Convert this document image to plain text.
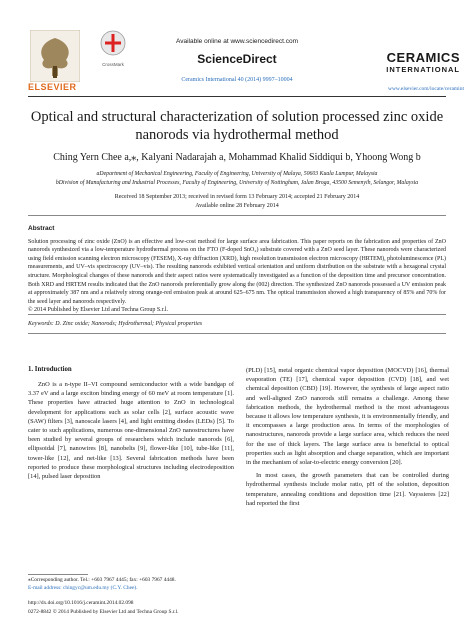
ELSEVIER
CrossMark
Available online at www.sciencedirect.com
ScienceDirect
Ceramics International 40 (2014) 9997–10004
CERAMICS
INTERNATIONAL
www.elsevier.com/locate/ceramint
Optical and structural characterization of solution processed zinc oxide
nanorods via hydrothermal method
Ching Yern Chee a,⁎, Kalyani Nadarajah a, Mohammad Khalid Siddiqui b, Yhoong Wong b
aDepartment of Mechanical Engineering, Faculty of Engineering, University of Malaya, 50603 Kuala Lumpur, Malaysia
bDivision of Manufacturing and Industrial Processes, Faculty of Engineering, University of Nottingham, Jalan Broga, 43500 Semenyih, Selangor, Malaysia
Received 18 September 2013; received in revised form 13 February 2014; accepted 21 February 2014
Available online 28 February 2014
Abstract
Solution processing of zinc oxide (ZnO) is an effective and low-cost method for large surface area fabrication. This paper reports on the fabrication and properties of ZnO nanorods synthesized via a low-temperature hydrothermal process on the FTO (F-doped SnO₂) substrate covered with a ZnO seed layer. These nanorods were characterized using field emission scanning electron microscopy (FESEM), X-ray diffraction (XRD), high resolution transmission electron microscopy (HRTEM), photoluminescence (PL) measurements, and UV–vis spectroscopy (UV–vis). The resulting nanorods exhibited vertical orientation and uniform distribution on the substrate with a hexagonal crystal structure. Morphological changes of these nanorods and their aspect ratios were systematically investigated as a function of the deposition time and precursor concentration. Both XRD and HRTEM results indicated that the ZnO nanorods preferentially grow along the (002) direction. The synthesized ZnO nanorods possessed a UV emission peak at approximately 387 nm and a relatively strong orange-red emission peak at around 625–675 nm. The optical transmission showed a high transparency of 85% and 70% for the seed layer and nanorods respectively.
© 2014 Published by Elsevier Ltd and Techna Group S.r.l.
Keywords: D. Zinc oxide; Nanorods; Hydrothermal; Physical properties
1. Introduction

ZnO is a n-type II–VI compound semiconductor with a wide bandgap of 3.37 eV and a large exciton binding energy of 60 meV at room temperature [1]. These properties have attracted huge attention to ZnO in technological development for applications such as solar cells [2], surface acoustic wave (SAW) filters [3], nanoscale lasers [4], and light emitting diodes (LEDs) [5]. To cater to such applications, numerous one-dimensional ZnO nanostructures have been studied by several groups of researchers which include nanorods [6], ellipsoidal [7], nanowires [8], nanobelts [9], flower-like [10], tube-like [11], tower-like [12], and net-like [13]. Several fabrication methods have been reported to produce these morphological structures including electrodeposition [14], pulsed laser deposition

(PLD) [15], metal organic chemical vapor deposition (MOCVD) [16], thermal evaporation (TE) [17], chemical vapor deposition (CVD) [18], and wet chemical deposition (CBD) [19]. However, the synthesis of large aspect ratio and well-aligned ZnO nanorods still remains a challenge. Among these fabrication methods, the hydrothermal method is the most advantageous because it allows low temperature synthesis, it is environmentally friendly, and it encompasses a large production area. In terms of the morphologies of nanostructures, nanorods provide a large surface area, which reduces the need for the use of thick layers. The large surface area is beneficial to optical properties such as light absorption and charge separation, which are important in the mechanism of solar-to-electric energy conversion [20].

In most cases, the growth parameters that can be controlled during hydrothermal synthesis include molar ratio, pH of the solution, deposition temperature, annealing conditions and deposition time [21]. Vayssieres [22] had reported the first

⁎Corresponding author. Tel.: +603 7967 4445; fax: +603 7967 4448.
E-mail address: chingyc@um.edu.my (C.Y. Chee).
http://dx.doi.org/10.1016/j.ceramint.2014.02.098
0272-8842 © 2014 Published by Elsevier Ltd and Techna Group S.r.l.
